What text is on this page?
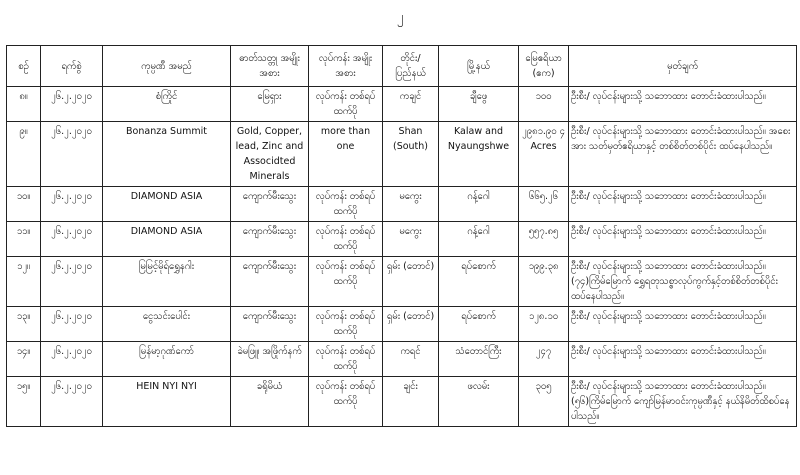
၂
စဉ်	ရက်စွဲ	ကုမ္ပဏီ အမည်	ဓာတ်သတ္တု အမျိုးအစား	လုပ်ကန်း အမျိုးအစား	တိုင်း/ ပြည်နယ်	မြို့နယ်	မြေဧရိယာ (ဧက)	မှတ်ချက်
၈။	၂၆.၂.၂၀၂၀	စံကြိုင်	မြေရှား	လုပ်ကန်း တစ်ရပ်ထက်ပို	ကချင်	ချီဖွေ	၁၀၀	ဦးစီး/ လုပ်ငန်းများသို့ သဘောထား တောင်းခံထားပါသည်။
၉။	၂၆.၂.၂၀၂၀	Bonanza Summit	Gold, Copper, lead, Zinc and Associdted Minerals	more than one	Shan (South)	Kalaw and Nyaungshwe	၂၉၈၁.၉၀ ၄ Acres	ဦးစီး/ လုပ်ငန်းများသို့ သဘောထား တောင်းခံထားပါသည်။ အစေးအား သတ်မှတ်ဧရိယာနှင့် တစ်စိတ်တစ်ပိုင်း ထပ်နေပါသည်။
၁၀။	၂၆.၂.၂၀၂၀	DIAMOND ASIA	ကျောက်မီးသွေး	လုပ်ကန်း တစ်ရပ်ထက်ပို	မကွေး	ဂန့်ဂေါ	၆၆၅.၂၆	ဦးစီး/ လုပ်ငန်းများသို့ သဘောထား တောင်းခံထားပါသည်။
၁၁။	၂၆.၂.၂၀၂၀	DIAMOND ASIA	ကျောက်မီးသွေး	လုပ်ကန်း တစ်ရပ်ထက်ပို	မကွေး	ဂန့်ဂေါ	၅၅၇.၈၅	ဦးစီး/ လုပ်ငန်းများသို့ သဘောထား တောင်းခံထားပါသည်။
၁၂။	၂၆.၂.၂၀၂၀	မြမြင့်မိုရ်ရွှေနဂါး	ကျောက်မီးသွေး	လုပ်ကန်း တစ်ရပ်ထက်ပို	ရှမ်း (တောင်)	ရပ်စောက်	၁၉၉.၃၈	ဦးစီး/ လုပ်ငန်းများသို့ သဘောထား တောင်းခံထားပါသည်။ (၇၄)ကြိမ်မြောက် ရွှေရတုသစ္စာလုပ်ကွက်နှင့်တစ်စိတ်တစ်ပိုင်း ထပ်နေပါသည်။
၁၃။	၂၆.၂.၂၀၂၀	ငွေသင်းပေါင်း	ကျောက်မီးသွေး	လုပ်ကန်း တစ်ရပ်ထက်ပို	ရှမ်း (တောင်)	ရပ်စောက်	၁၂၈.၁၀	ဦးစီး/ လုပ်ငန်းများသို့ သဘောထား တောင်းခံထားပါသည်။
၁၄။	၂၆.၂.၂၀၂၀	မြန်မာ့ဂုဏ်ကော်	ခဲမဖြူ၊ အဖြိုက်နက်	လုပ်ကန်း တစ်ရပ်ထက်ပို	ကရင်	သံတောင်ကြီး	၂၄၇	ဦးစီး/ လုပ်ငန်းများသို့ သဘောထား တောင်းခံထားပါသည်။
၁၅။	၂၆.၂.၂၀၂၀	HEIN NYI NYI	ခရိုမိယံ	လုပ်ကန်း တစ်ရပ်ထက်ပို	ချင်း	ဖလမ်း	၃၀၅	ဦးစီး/ လုပ်ငန်းများသို့ သဘောထား တောင်းခံထားပါသည်။ (၅၆)ကြိမ်မြောက် ကျော်မြန်မာဝင်းကုမ္ပဏီနှင့် နယ်နိမိတ်ထိစပ်နေပါသည်။
